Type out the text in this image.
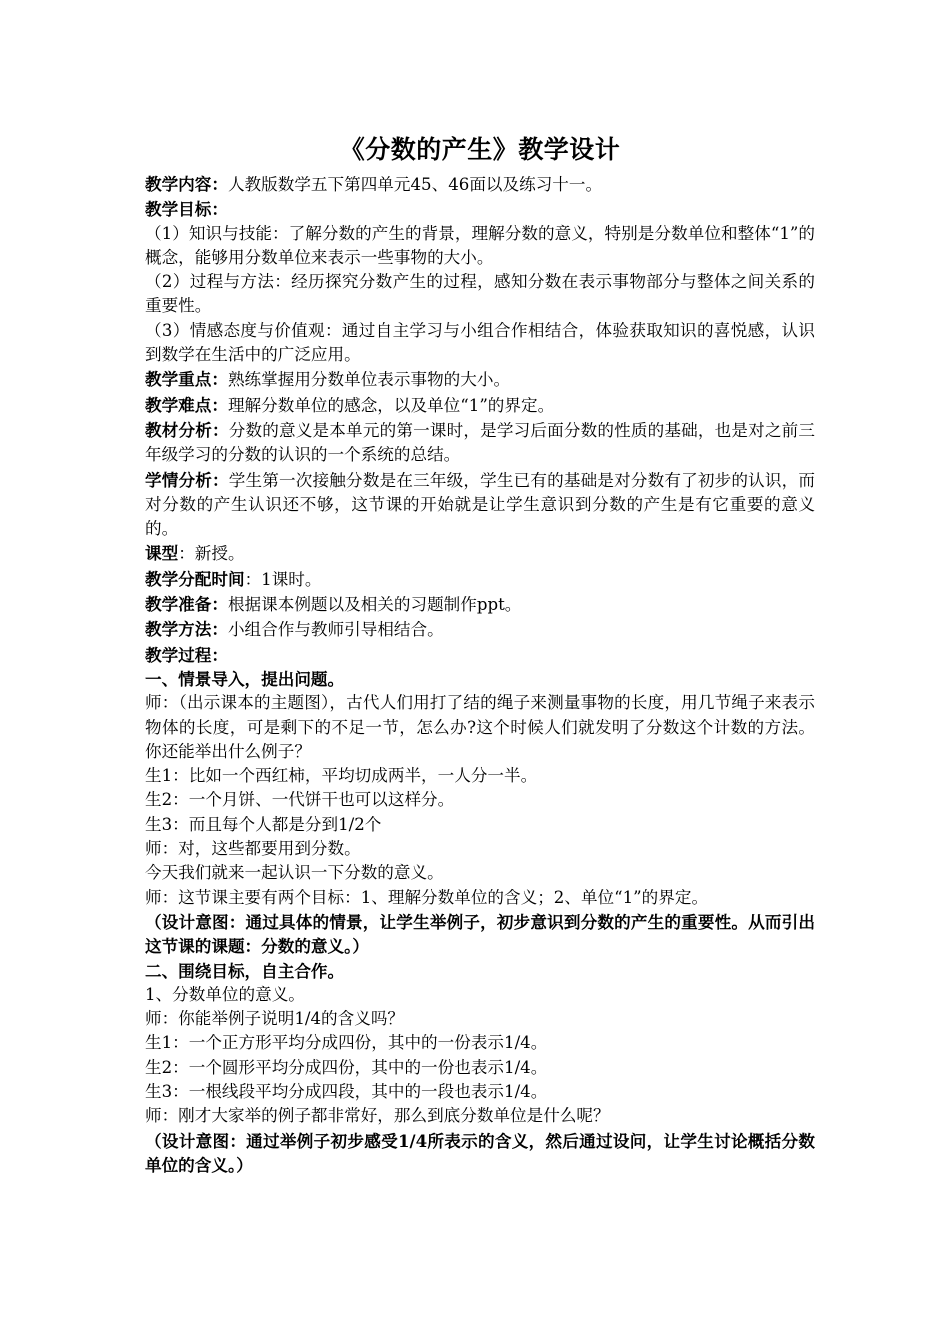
《分数的产生》教学设计

教学内容：人教版数学五下第四单元45、46面以及练习十一。

教学目标：

（1）知识与技能：了解分数的产生的背景，理解分数的意义，特别是分数单位和整体“1”的概念，能够用分数单位来表示一些事物的大小。

（2）过程与方法：经历探究分数产生的过程，感知分数在表示事物部分与整体之间关系的重要性。

（3）情感态度与价值观：通过自主学习与小组合作相结合，体验获取知识的喜悦感，认识到数学在生活中的广泛应用。

教学重点：熟练掌握用分数单位表示事物的大小。

教学难点：理解分数单位的感念，以及单位“1”的界定。

教材分析：分数的意义是本单元的第一课时，是学习后面分数的性质的基础，也是对之前三年级学习的分数的认识的一个系统的总结。

学情分析：学生第一次接触分数是在三年级，学生已有的基础是对分数有了初步的认识，而对分数的产生认识还不够，这节课的开始就是让学生意识到分数的产生是有它重要的意义的。

课型：新授。

教学分配时间：1课时。

教学准备：根据课本例题以及相关的习题制作ppt。

教学方法：小组合作与教师引导相结合。

教学过程：

一、情景导入，提出问题。

师：（出示课本的主题图），古代人们用打了结的绳子来测量事物的长度，用几节绳子来表示物体的长度，可是剩下的不足一节，怎么办?这个时候人们就发明了分数这个计数的方法。你还能举出什么例子？

生1：比如一个西红柿，平均切成两半，一人分一半。

生2：一个月饼、一代饼干也可以这样分。

生3：而且每个人都是分到1/2个

师：对，这些都要用到分数。

今天我们就来一起认识一下分数的意义。

师：这节课主要有两个目标：1、理解分数单位的含义；2、单位“1”的界定。

（设计意图：通过具体的情景，让学生举例子，初步意识到分数的产生的重要性。从而引出这节课的课题：分数的意义。）

二、围绕目标，自主合作。

1、分数单位的意义。

师：你能举例子说明1/4的含义吗？

生1：一个正方形平均分成四份，其中的一份表示1/4。

生2：一个圆形平均分成四份，其中的一份也表示1/4。

生3：一根线段平均分成四段，其中的一段也表示1/4。

师：刚才大家举的例子都非常好，那么到底分数单位是什么呢？

（设计意图：通过举例子初步感受1/4所表示的含义，然后通过设问，让学生讨论概括分数单位的含义。）
